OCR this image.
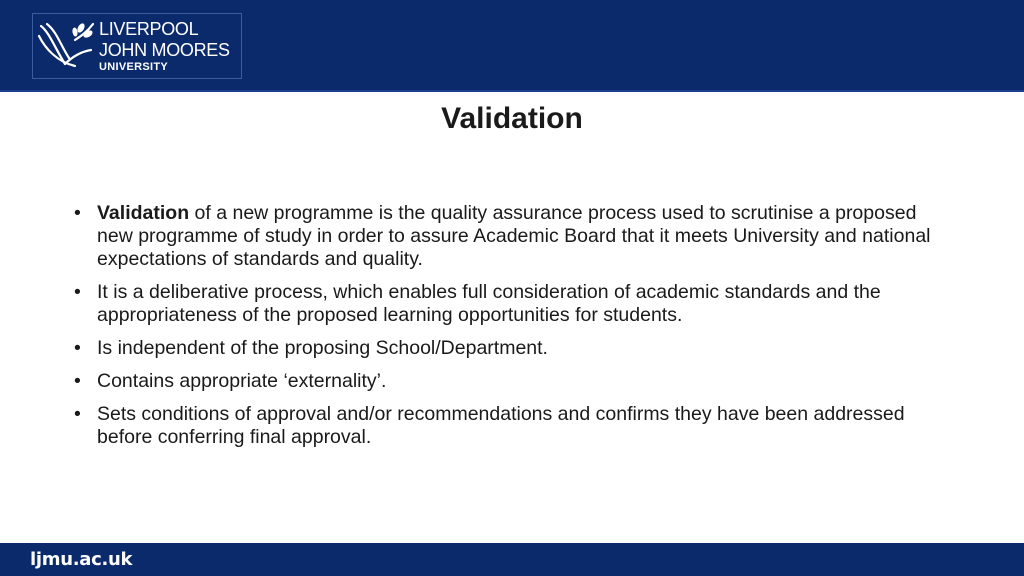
LIVERPOOL
JOHN MOORES
UNIVERSITY
Validation
• Validation of a new programme is the quality assurance process used to scrutinise a proposed new programme of study in order to assure Academic Board that it meets University and national expectations of standards and quality.
• It is a deliberative process, which enables full consideration of academic standards and the appropriateness of the proposed learning opportunities for students.
• Is independent of the proposing School/Department.
• Contains appropriate ‘externality’.
• Sets conditions of approval and/or recommendations and confirms they have been addressed before conferring final approval.
ljmu.ac.uk
